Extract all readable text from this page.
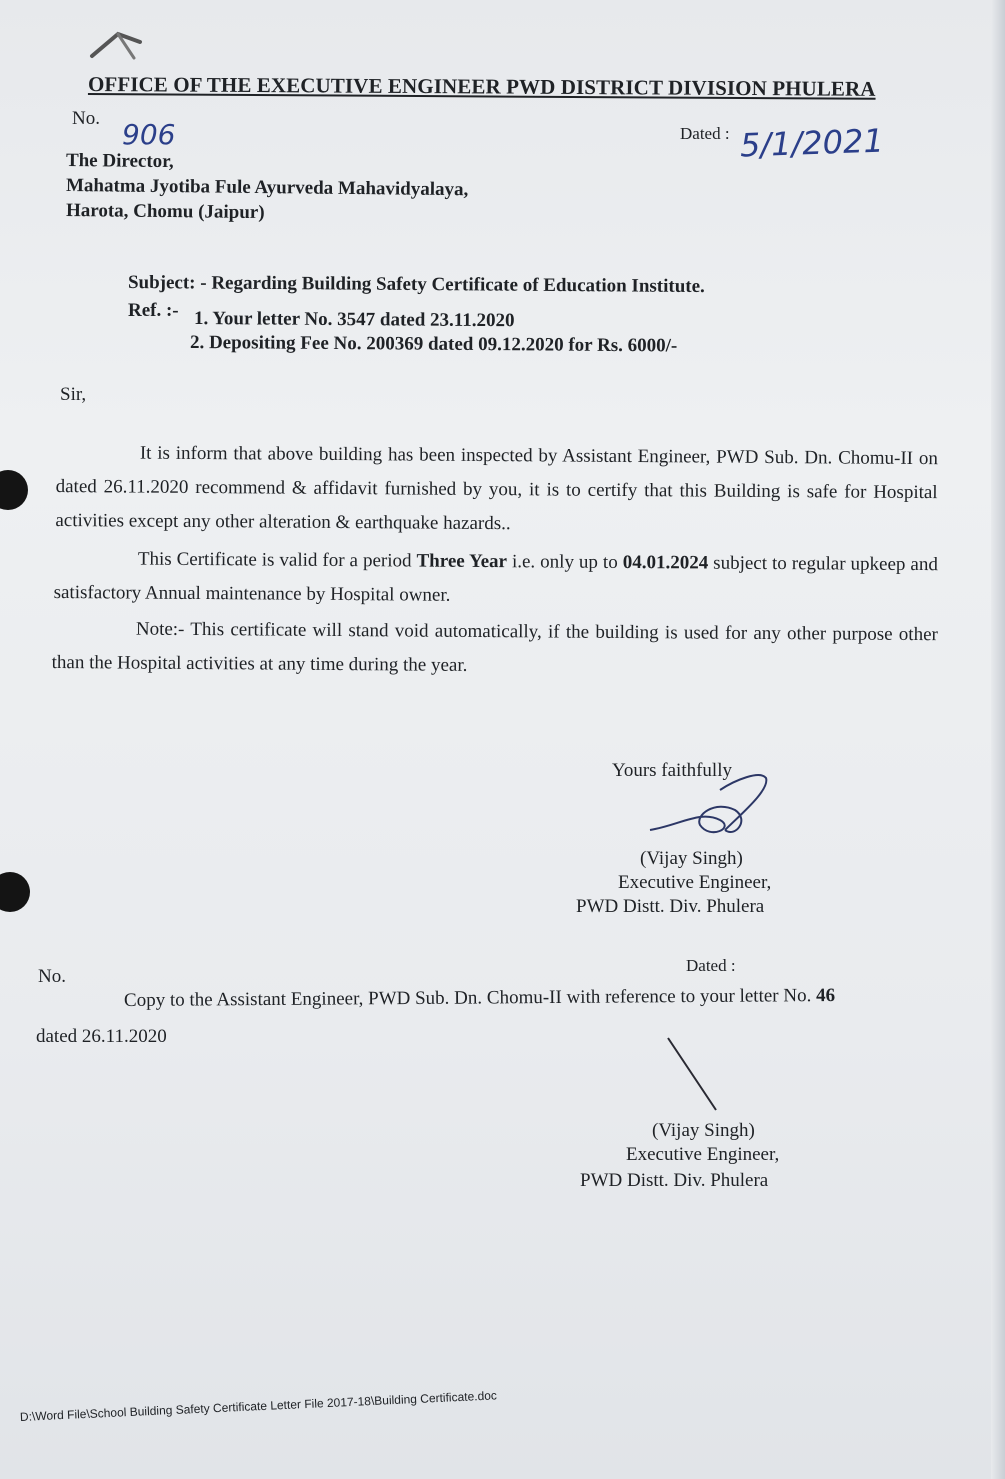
OFFICE OF THE EXECUTIVE ENGINEER PWD DISTRICT DIVISION PHULERA
No. 906	Dated : 5/1/2021
The Director,
Mahatma Jyotiba Fule Ayurveda Mahavidyalaya,
Harota, Chomu (Jaipur)
Subject: - Regarding Building Safety Certificate of Education Institute.
Ref. :- 1. Your letter No. 3547 dated 23.11.2020
2. Depositing Fee No. 200369 dated 09.12.2020 for Rs. 6000/-
Sir,
It is inform that above building has been inspected by Assistant Engineer, PWD Sub. Dn. Chomu-II on dated 26.11.2020 recommend & affidavit furnished by you, it is to certify that this Building is safe for Hospital activities except any other alteration & earthquake hazards..
This Certificate is valid for a period Three Year i.e. only up to 04.01.2024 subject to regular upkeep and satisfactory Annual maintenance by Hospital owner.
Note:- This certificate will stand void automatically, if the building is used for any other purpose other than the Hospital activities at any time during the year.
Yours faithfully
(Vijay Singh)
Executive Engineer,
PWD Distt. Div. Phulera
No.
Dated :
Copy to the Assistant Engineer, PWD Sub. Dn. Chomu-II with reference to your letter No. 46
dated 26.11.2020
(Vijay Singh)
Executive Engineer,
PWD Distt. Div. Phulera
D:\Word File\School Building Safety Certificate Letter File 2017-18\Building Certificate.doc
